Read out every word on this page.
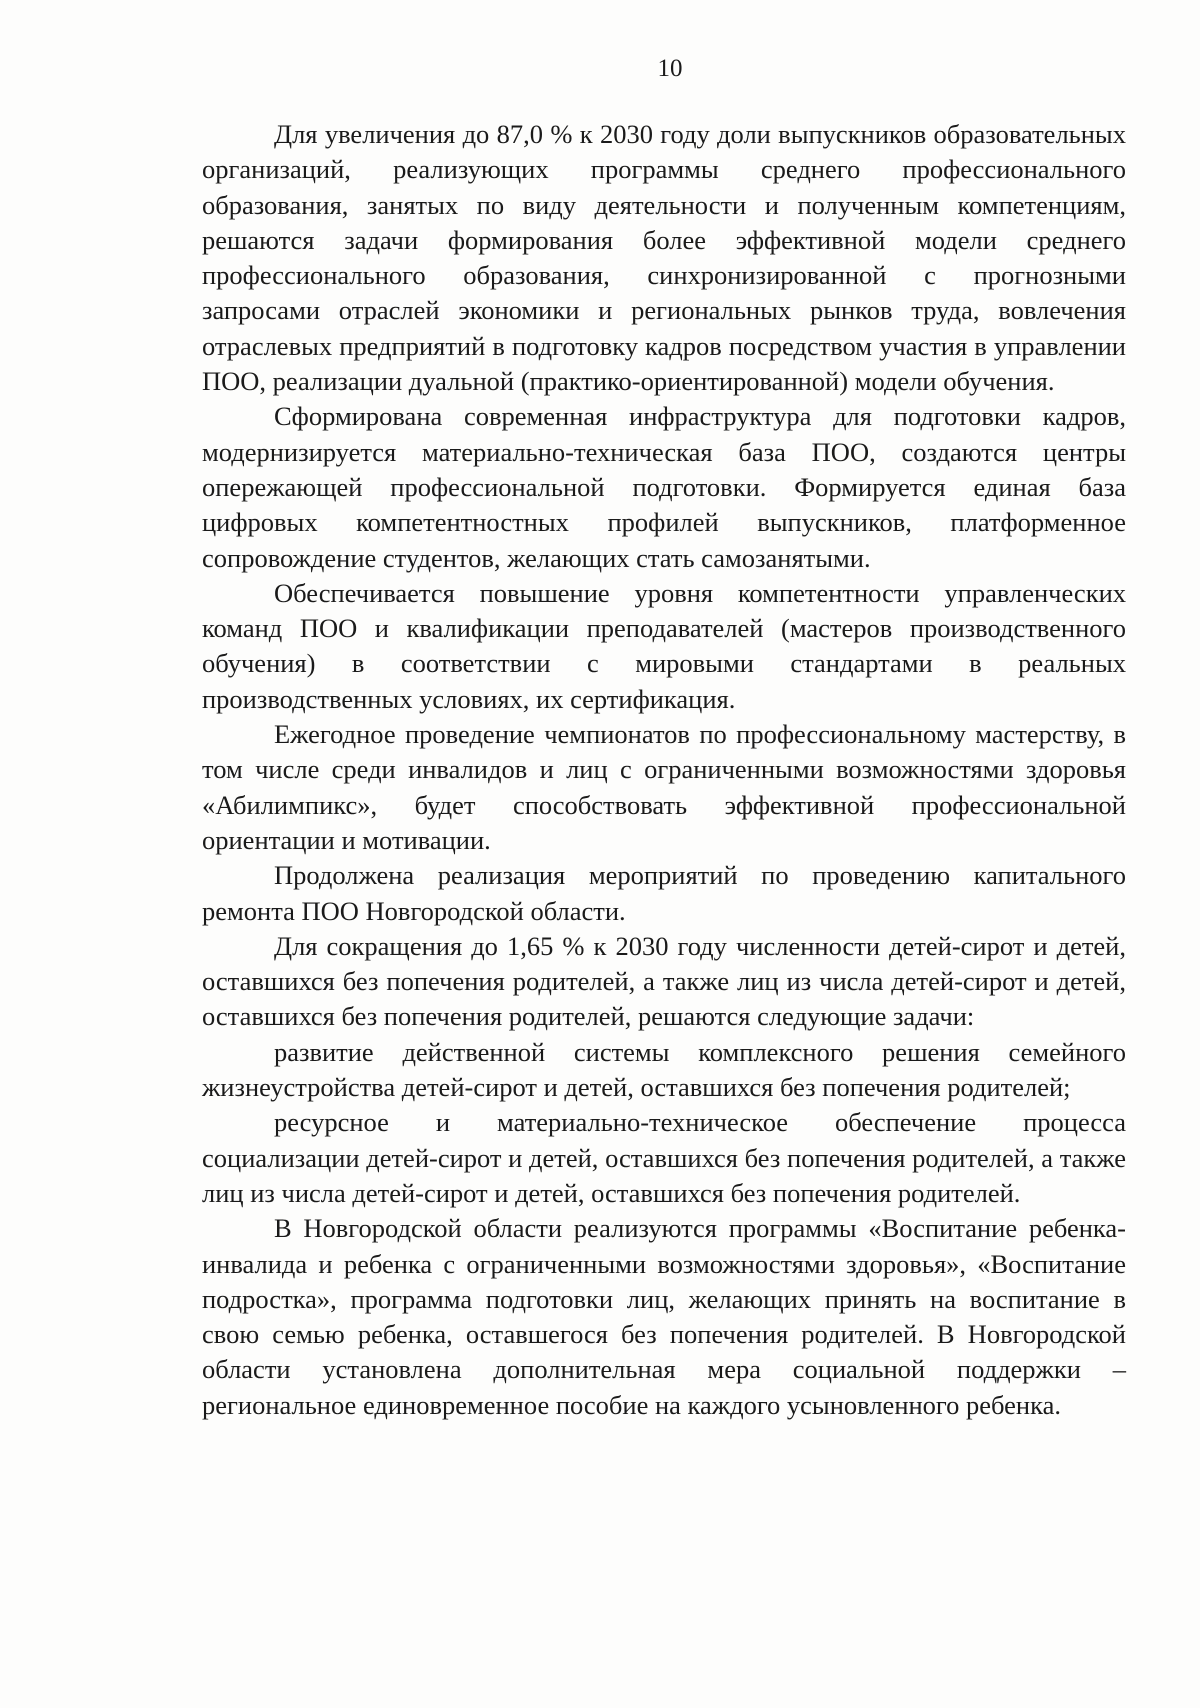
10

Для увеличения до 87,0 % к 2030 году доли выпускников образовательных организаций, реализующих программы среднего профессионального образования, занятых по виду деятельности и полученным компетенциям, решаются задачи формирования более эффективной модели среднего профессионального образования, синхронизированной с прогнозными запросами отраслей экономики и региональных рынков труда, вовлечения отраслевых предприятий в подготовку кадров посредством участия в управлении ПОО, реализации дуальной (практико-ориентированной) модели обучения.

Сформирована современная инфраструктура для подготовки кадров, модернизируется материально-техническая база ПОО, создаются центры опережающей профессиональной подготовки. Формируется единая база цифровых компетентностных профилей выпускников, платформенное сопровождение студентов, желающих стать самозанятыми.

Обеспечивается повышение уровня компетентности управленческих команд ПОО и квалификации преподавателей (мастеров производственного обучения) в соответствии с мировыми стандартами в реальных производственных условиях, их сертификация.

Ежегодное проведение чемпионатов по профессиональному мастерству, в том числе среди инвалидов и лиц с ограниченными возможностями здоровья «Абилимпикс», будет способствовать эффективной профессиональной ориентации и мотивации.

Продолжена реализация мероприятий по проведению капитального ремонта ПОО Новгородской области.

Для сокращения до 1,65 % к 2030 году численности детей-сирот и детей, оставшихся без попечения родителей, а также лиц из числа детей-сирот и детей, оставшихся без попечения родителей, решаются следующие задачи:

развитие действенной системы комплексного решения семейного жизнеустройства детей-сирот и детей, оставшихся без попечения родителей;

ресурсное и материально-техническое обеспечение процесса социализации детей-сирот и детей, оставшихся без попечения родителей, а также лиц из числа детей-сирот и детей, оставшихся без попечения родителей.

В Новгородской области реализуются программы «Воспитание ребенка-инвалида и ребенка с ограниченными возможностями здоровья», «Воспитание подростка», программа подготовки лиц, желающих принять на воспитание в свою семью ребенка, оставшегося без попечения родителей. В Новгородской области установлена дополнительная мера социальной поддержки – региональное единовременное пособие на каждого усыновленного ребенка.
